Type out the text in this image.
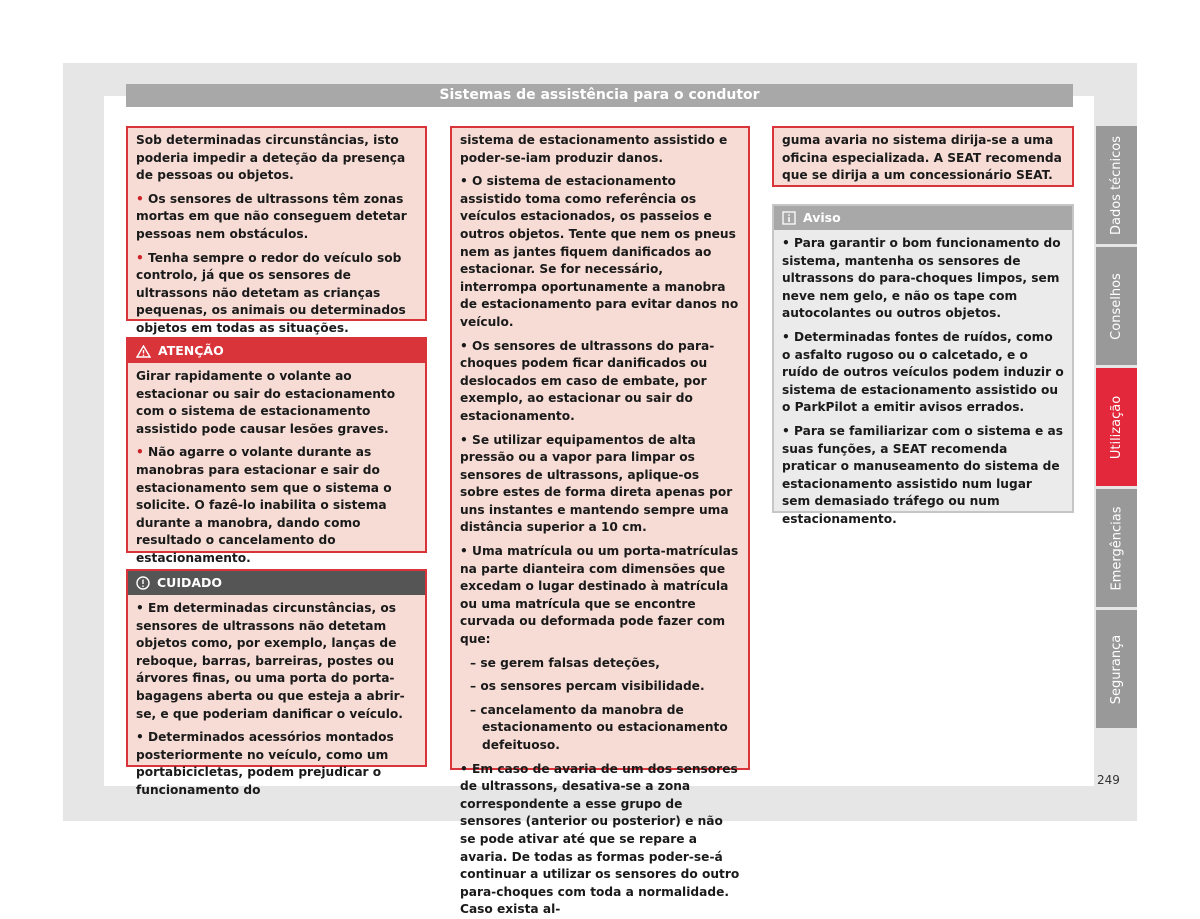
Sistemas de assistência para o condutor

Sob determinadas circunstâncias, isto poderia impedir a deteção da presença de pessoas ou objetos.

• Os sensores de ultrassons têm zonas mortas em que não conseguem detetar pessoas nem obstáculos.

• Tenha sempre o redor do veículo sob controlo, já que os sensores de ultrassons não detetam as crianças pequenas, os animais ou determinados objetos em todas as situações.

ATENÇÃO

Girar rapidamente o volante ao estacionar ou sair do estacionamento com o sistema de estacionamento assistido pode causar lesões graves.

• Não agarre o volante durante as manobras para estacionar e sair do estacionamento sem que o sistema o solicite. O fazê-lo inabilita o sistema durante a manobra, dando como resultado o cancelamento do estacionamento.

CUIDADO

• Em determinadas circunstâncias, os sensores de ultrassons não detetam objetos como, por exemplo, lanças de reboque, barras, barreiras, postes ou árvores finas, ou uma porta do porta-bagagens aberta ou que esteja a abrir-se, e que poderiam danificar o veículo.

• Determinados acessórios montados posteriormente no veículo, como um portabicicletas, podem prejudicar o funcionamento do

sistema de estacionamento assistido e poder-se-iam produzir danos.

• O sistema de estacionamento assistido toma como referência os veículos estacionados, os passeios e outros objetos. Tente que nem os pneus nem as jantes fiquem danificados ao estacionar. Se for necessário, interrompa oportunamente a manobra de estacionamento para evitar danos no veículo.

• Os sensores de ultrassons do para-choques podem ficar danificados ou deslocados em caso de embate, por exemplo, ao estacionar ou sair do estacionamento.

• Se utilizar equipamentos de alta pressão ou a vapor para limpar os sensores de ultrassons, aplique-os sobre estes de forma direta apenas por uns instantes e mantendo sempre uma distância superior a 10 cm.

• Uma matrícula ou um porta-matrículas na parte dianteira com dimensões que excedam o lugar destinado à matrícula ou uma matrícula que se encontre curvada ou deformada pode fazer com que:

– se gerem falsas deteções,

– os sensores percam visibilidade.

– cancelamento da manobra de estacionamento ou estacionamento defeituoso.

• Em caso de avaria de um dos sensores de ultrassons, desativa-se a zona correspondente a esse grupo de sensores (anterior ou posterior) e não se pode ativar até que se repare a avaria. De todas as formas poder-se-á continuar a utilizar os sensores do outro para-choques com toda a normalidade. Caso exista al-

guma avaria no sistema dirija-se a uma oficina especializada. A SEAT recomenda que se dirija a um concessionário SEAT.

Aviso

• Para garantir o bom funcionamento do sistema, mantenha os sensores de ultrassons do para-choques limpos, sem neve nem gelo, e não os tape com autocolantes ou outros objetos.

• Determinadas fontes de ruídos, como o asfalto rugoso ou o calcetado, e o ruído de outros veículos podem induzir o sistema de estacionamento assistido ou o ParkPilot a emitir avisos errados.

• Para se familiarizar com o sistema e as suas funções, a SEAT recomenda praticar o manuseamento do sistema de estacionamento assistido num lugar sem demasiado tráfego ou num estacionamento.

Dados técnicos
Conselhos
Utilização
Emergências
Segurança
249
